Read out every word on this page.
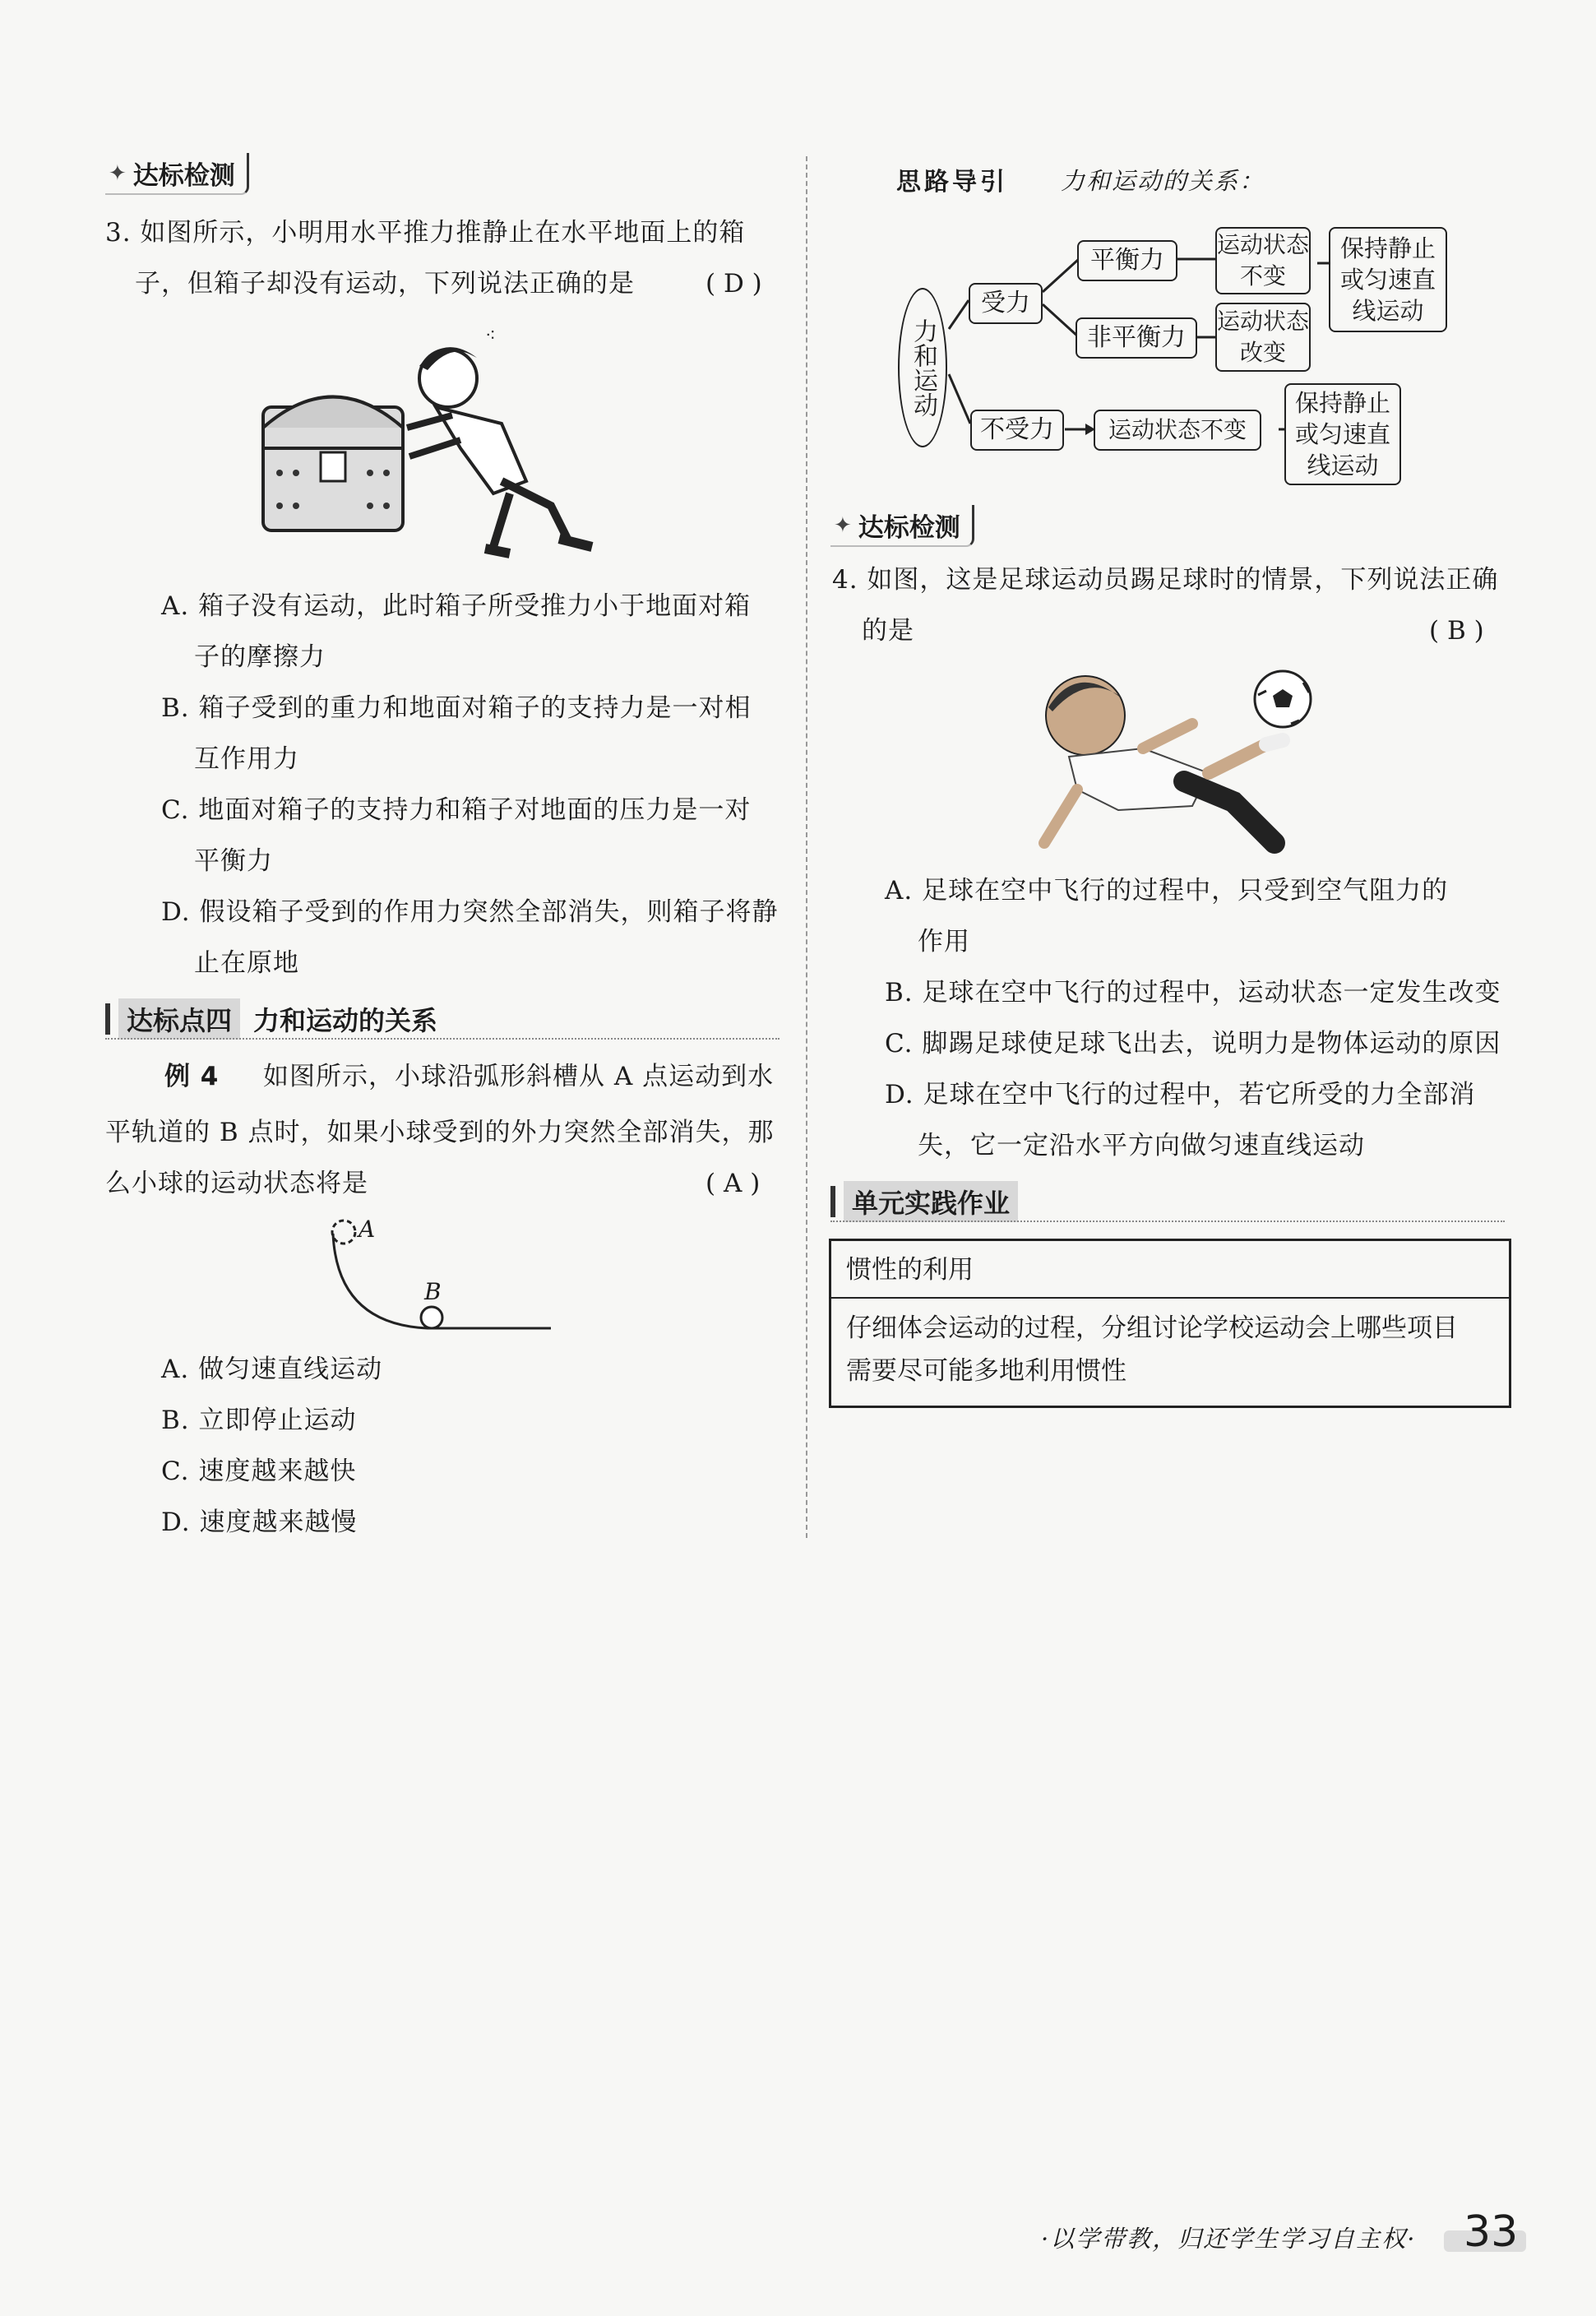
✦ 达标检测
3. 如图所示，小明用水平推力推静止在水平地面上的箱
子，但箱子却没有运动，下列说法正确的是	( D )
⁖
A. 箱子没有运动，此时箱子所受推力小于地面对箱
子的摩擦力
B. 箱子受到的重力和地面对箱子的支持力是一对相
互作用力
C. 地面对箱子的支持力和箱子对地面的压力是一对
平衡力
D. 假设箱子受到的作用力突然全部消失，则箱子将静
止在原地
达标点四 力和运动的关系
例 4 如图所示，小球沿弧形斜槽从 A 点运动到水
平轨道的 B 点时，如果小球受到的外力突然全部消失，那
么小球的运动状态将是	( A )
A
B
A. 做匀速直线运动
B. 立即停止运动
C. 速度越来越快
D. 速度越来越慢
思路导引 力和运动的关系：
力和运动
受力
平衡力
运动状态不变
保持静止或匀速直线运动
非平衡力
运动状态改变
不受力	运动状态不变
保持静止或匀速直线运动
✦ 达标检测
4. 如图，这是足球运动员踢足球时的情景，下列说法正确
的是	( B )
A. 足球在空中飞行的过程中，只受到空气阻力的
作用
B. 足球在空中飞行的过程中，运动状态一定发生改变
C. 脚踢足球使足球飞出去，说明力是物体运动的原因
D. 足球在空中飞行的过程中，若它所受的力全部消
失，它一定沿水平方向做匀速直线运动
单元实践作业
惯性的利用
仔细体会运动的过程，分组讨论学校运动会上哪些项目
需要尽可能多地利用惯性
·以学带教，归还学生学习自主权· 33
